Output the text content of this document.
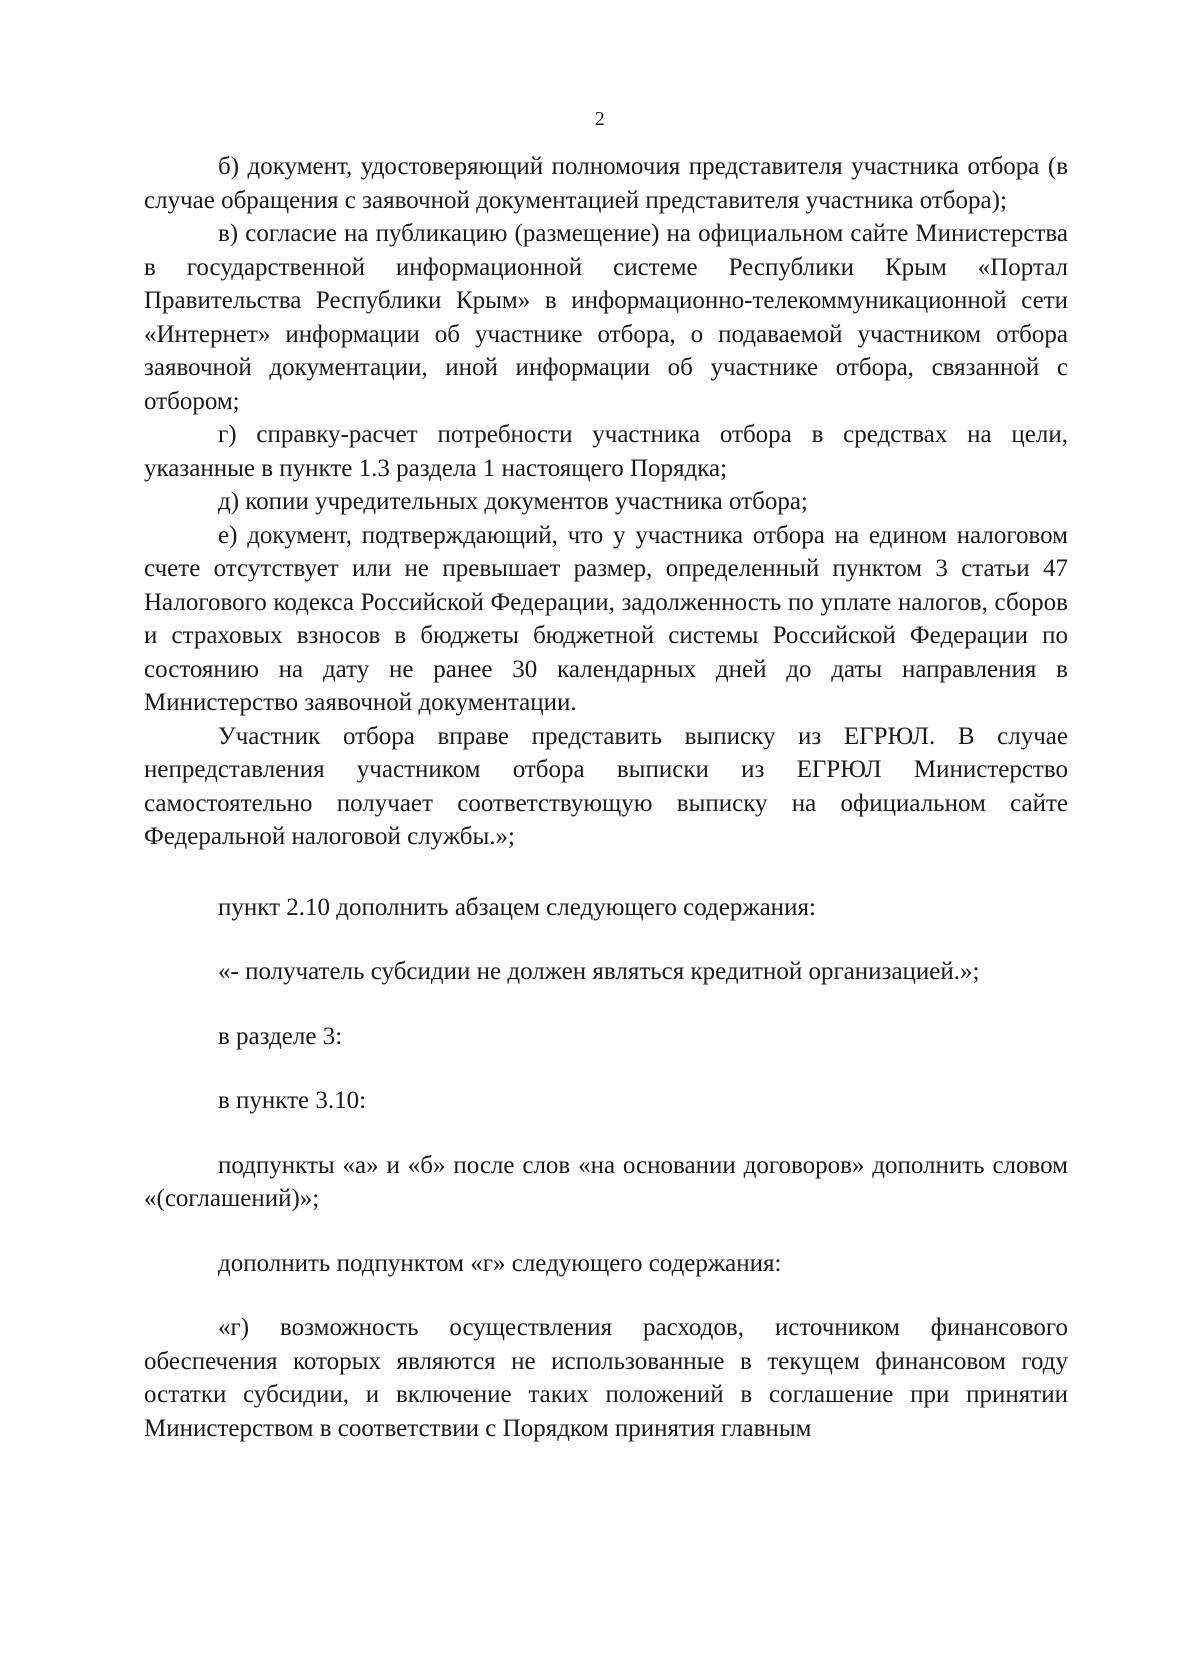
2

б) документ, удостоверяющий полномочия представителя участника отбора (в случае обращения с заявочной документацией представителя участника отбора);

в) согласие на публикацию (размещение) на официальном сайте Министерства в государственной информационной системе Республики Крым «Портал Правительства Республики Крым» в информационно-телекоммуникационной сети «Интернет» информации об участнике отбора, о подаваемой участником отбора заявочной документации, иной информации об участнике отбора, связанной с отбором;

г) справку-расчет потребности участника отбора в средствах на цели, указанные в пункте 1.3 раздела 1 настоящего Порядка;

д) копии учредительных документов участника отбора;

е) документ, подтверждающий, что у участника отбора на едином налоговом счете отсутствует или не превышает размер, определенный пунктом 3 статьи 47 Налогового кодекса Российской Федерации, задолженность по уплате налогов, сборов и страховых взносов в бюджеты бюджетной системы Российской Федерации по состоянию на дату не ранее 30 календарных дней до даты направления в Министерство заявочной документации.

Участник отбора вправе представить выписку из ЕГРЮЛ. В случае непредставления участником отбора выписки из ЕГРЮЛ Министерство самостоятельно получает соответствующую выписку на официальном сайте Федеральной налоговой службы.»;

пункт 2.10 дополнить абзацем следующего содержания:

«- получатель субсидии не должен являться кредитной организацией.»;

в разделе 3:

в пункте 3.10:

подпункты «а» и «б» после слов «на основании договоров» дополнить словом «(соглашений)»;

дополнить подпунктом «г» следующего содержания:

«г) возможность осуществления расходов, источником финансового обеспечения которых являются не использованные в текущем финансовом году остатки субсидии, и включение таких положений в соглашение при принятии Министерством в соответствии с Порядком принятия главным
